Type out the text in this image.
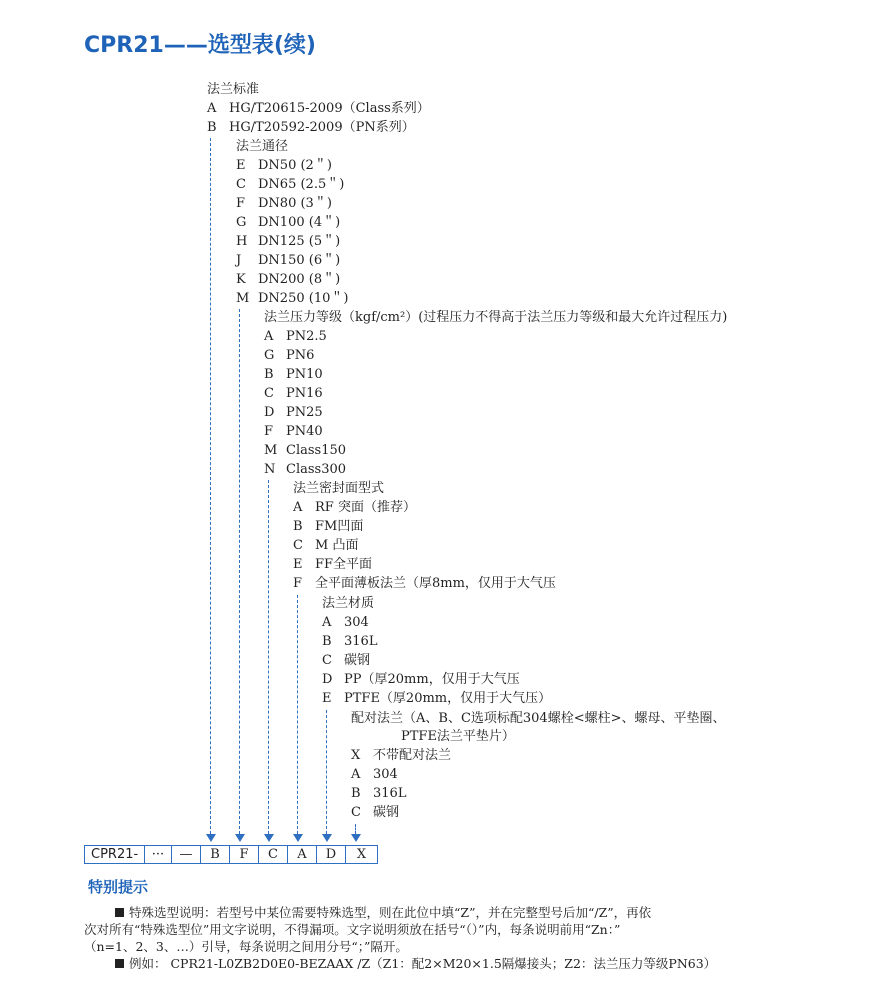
CPR21——选型表(续)
法兰标准
A HG/T20615-2009（Class系列）
B HG/T20592-2009（PN系列）
法兰通径
E DN50 (2＂)
C DN65 (2.5＂)
F DN80 (3＂)
G DN100 (4＂)
H DN125 (5＂)
J DN150 (6＂)
K DN200 (8＂)
M DN250 (10＂)
法兰压力等级（kgf/cm²）(过程压力不得高于法兰压力等级和最大允许过程压力)
A PN2.5
G PN6
B PN10
C PN16
D PN25
F PN40
M Class150
N Class300
法兰密封面型式
A RF 突面（推荐）
B FM凹面
C M 凸面
E FF全平面
F 全平面薄板法兰（厚8mm，仅用于大气压
法兰材质
A 304
B 316L
C 碳钢
D PP（厚20mm，仅用于大气压
E PTFE（厚20mm，仅用于大气压）
配对法兰（A、B、C选项标配304螺栓<螺柱>、螺母、平垫圈、
PTFE法兰平垫片）
X 不带配对法兰
A 304
B 316L
C 碳钢
CPR21-	···	—	B	F	C	A	D	X
特别提示
特殊选型说明：若型号中某位需要特殊选型，则在此位中填“Z”，并在完整型号后加“/Z”，再依
次对所有“特殊选型位”用文字说明，不得漏项。文字说明须放在括号“（）”内，每条说明前用“Zn：”
（n=1、2、3、…）引导，每条说明之间用分号“；”隔开。
例如： CPR21-L0ZB2D0E0-BEZAAX /Z（Z1：配2×M20×1.5隔爆接头；Z2：法兰压力等级PN63）
